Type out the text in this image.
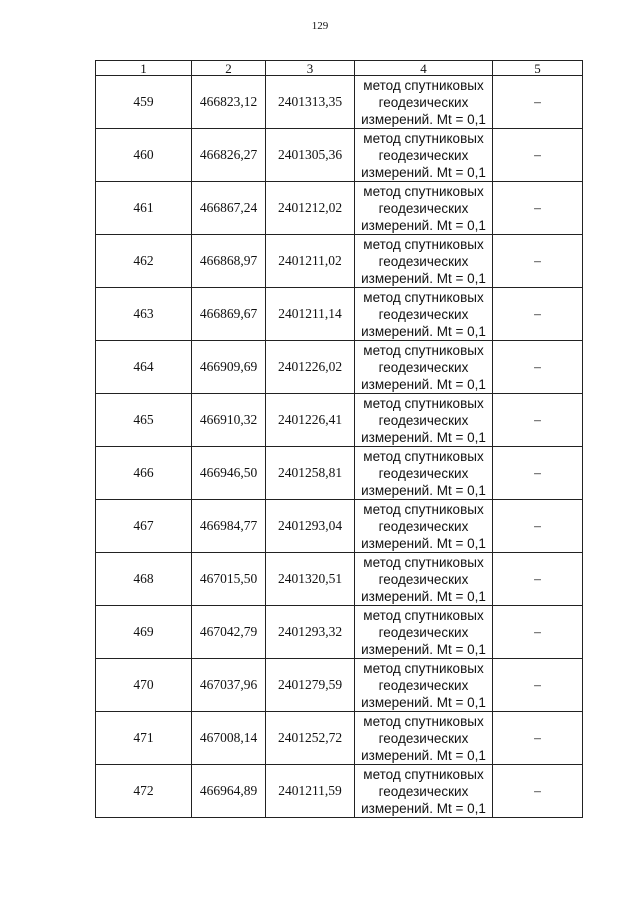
129
1	2	3	4	5
459	466823,12	2401313,35	метод спутниковых
геодезических
измерений. Mt = 0,1	–
460	466826,27	2401305,36	метод спутниковых
геодезических
измерений. Mt = 0,1	–
461	466867,24	2401212,02	метод спутниковых
геодезических
измерений. Mt = 0,1	–
462	466868,97	2401211,02	метод спутниковых
геодезических
измерений. Mt = 0,1	–
463	466869,67	2401211,14	метод спутниковых
геодезических
измерений. Mt = 0,1	–
464	466909,69	2401226,02	метод спутниковых
геодезических
измерений. Mt = 0,1	–
465	466910,32	2401226,41	метод спутниковых
геодезических
измерений. Mt = 0,1	–
466	466946,50	2401258,81	метод спутниковых
геодезических
измерений. Mt = 0,1	–
467	466984,77	2401293,04	метод спутниковых
геодезических
измерений. Mt = 0,1	–
468	467015,50	2401320,51	метод спутниковых
геодезических
измерений. Mt = 0,1	–
469	467042,79	2401293,32	метод спутниковых
геодезических
измерений. Mt = 0,1	–
470	467037,96	2401279,59	метод спутниковых
геодезических
измерений. Mt = 0,1	–
471	467008,14	2401252,72	метод спутниковых
геодезических
измерений. Mt = 0,1	–
472	466964,89	2401211,59	метод спутниковых
геодезических
измерений. Mt = 0,1	–
